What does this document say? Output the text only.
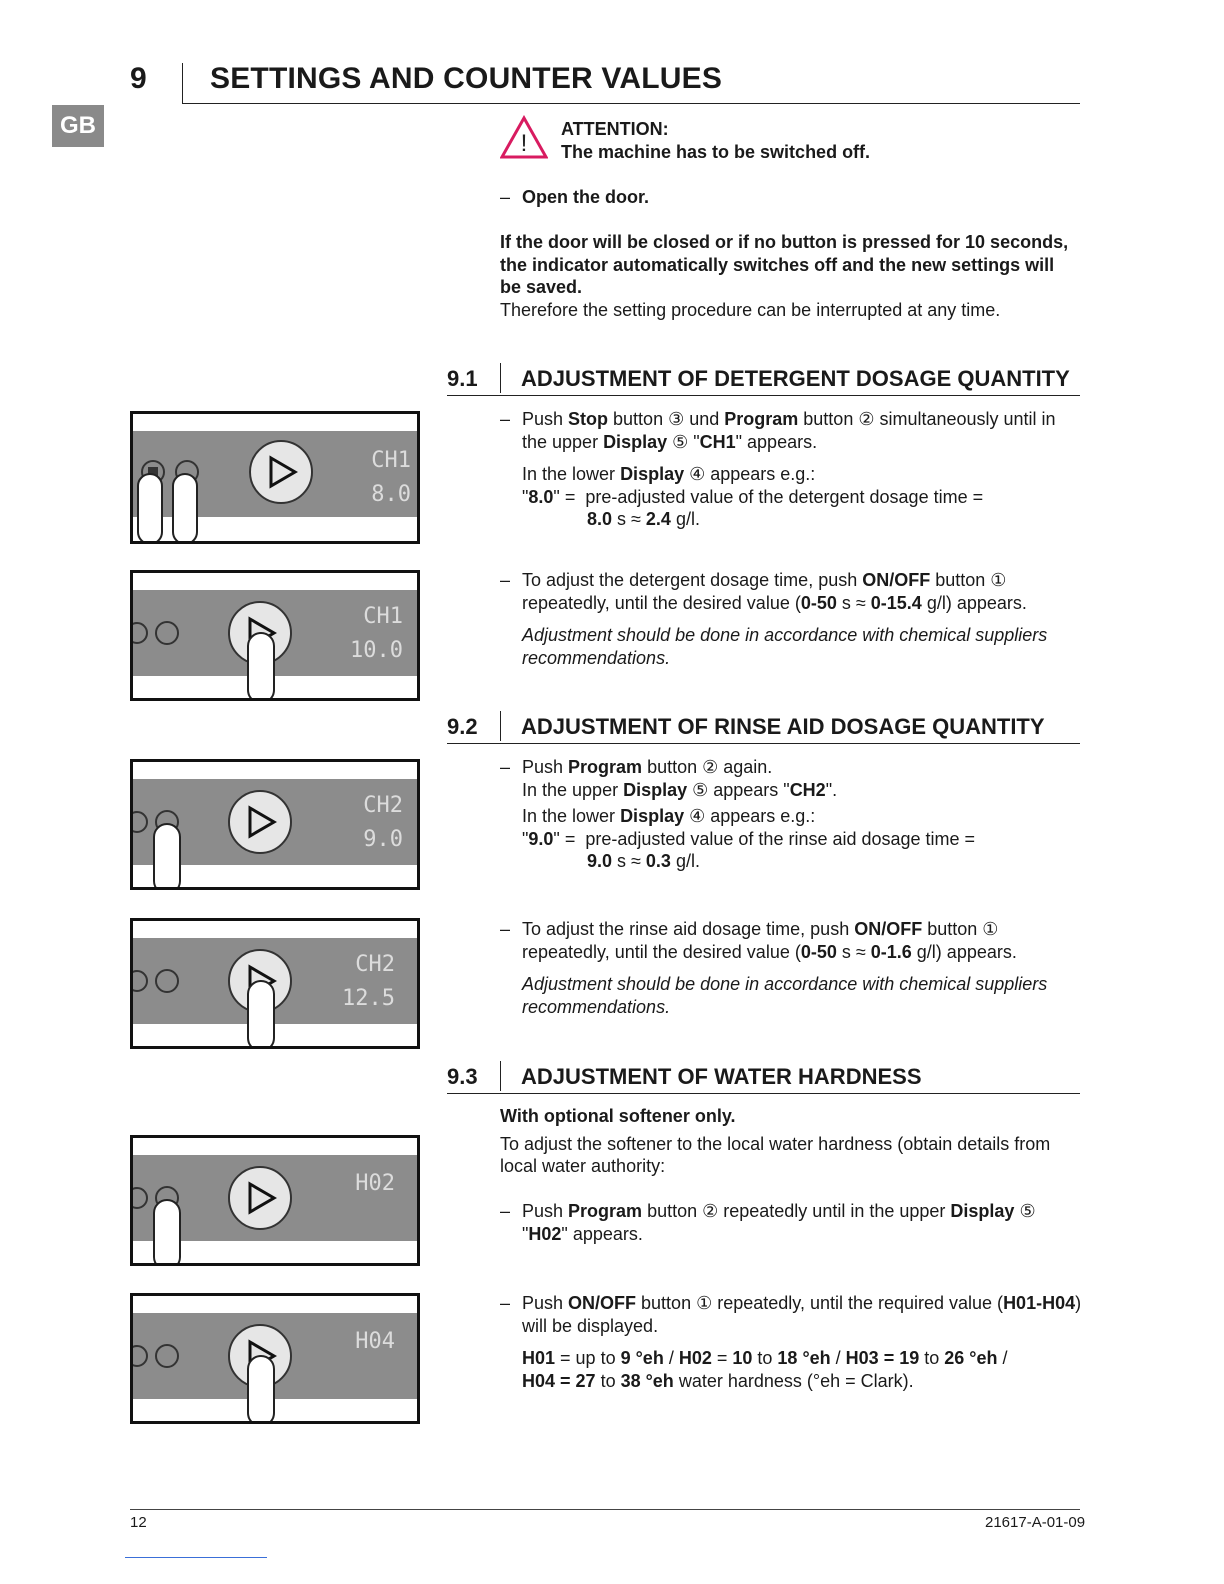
9 SETTINGS AND COUNTER VALUES
GB
!
ATTENTION:
The machine has to be switched off.
– Open the door.
If the door will be closed or if no button is pressed for 10 seconds,
the indicator automatically switches off and the new settings will
be saved.
Therefore the setting procedure can be interrupted at any time.
9.1 ADJUSTMENT OF DETERGENT DOSAGE QUANTITY
– Push Stop button ③ und Program button ② simultaneously until in
the upper Display ⑤ "CH1" appears.
In the lower Display ④ appears e.g.:
"8.0" =  pre-adjusted value of the detergent dosage time =
8.0 s ≈ 2.4 g/l.
– To adjust the detergent dosage time, push ON/OFF button ①
repeatedly, until the desired value (0-50 s ≈ 0-15.4 g/l) appears.
Adjustment should be done in accordance with chemical suppliers
recommendations.
9.2 ADJUSTMENT OF RINSE AID DOSAGE QUANTITY
– Push Program button ② again.
In the upper Display ⑤ appears "CH2".
In the lower Display ④ appears e.g.:
"9.0" =  pre-adjusted value of the rinse aid dosage time =
9.0 s ≈ 0.3 g/l.
– To adjust the rinse aid dosage time, push ON/OFF button ①
repeatedly, until the desired value (0-50 s ≈ 0-1.6 g/l) appears.
Adjustment should be done in accordance with chemical suppliers
recommendations.
9.3 ADJUSTMENT OF WATER HARDNESS
With optional softener only.
To adjust the softener to the local water hardness (obtain details from
local water authority:
– Push Program button ② repeatedly until in the upper Display ⑤
"H02" appears.
– Push ON/OFF button ① repeatedly, until the required value (H01-H04)
will be displayed.
H01 = up to 9 °eh / H02 = 10 to 18 °eh / H03 = 19 to 26 °eh /
H04 = 27 to 38 °eh water hardness (°eh = Clark).
CH1
8.0
CH1
10.0
CH2
9.0
CH2
12.5
H02
H04
12	21617-A-01-09
